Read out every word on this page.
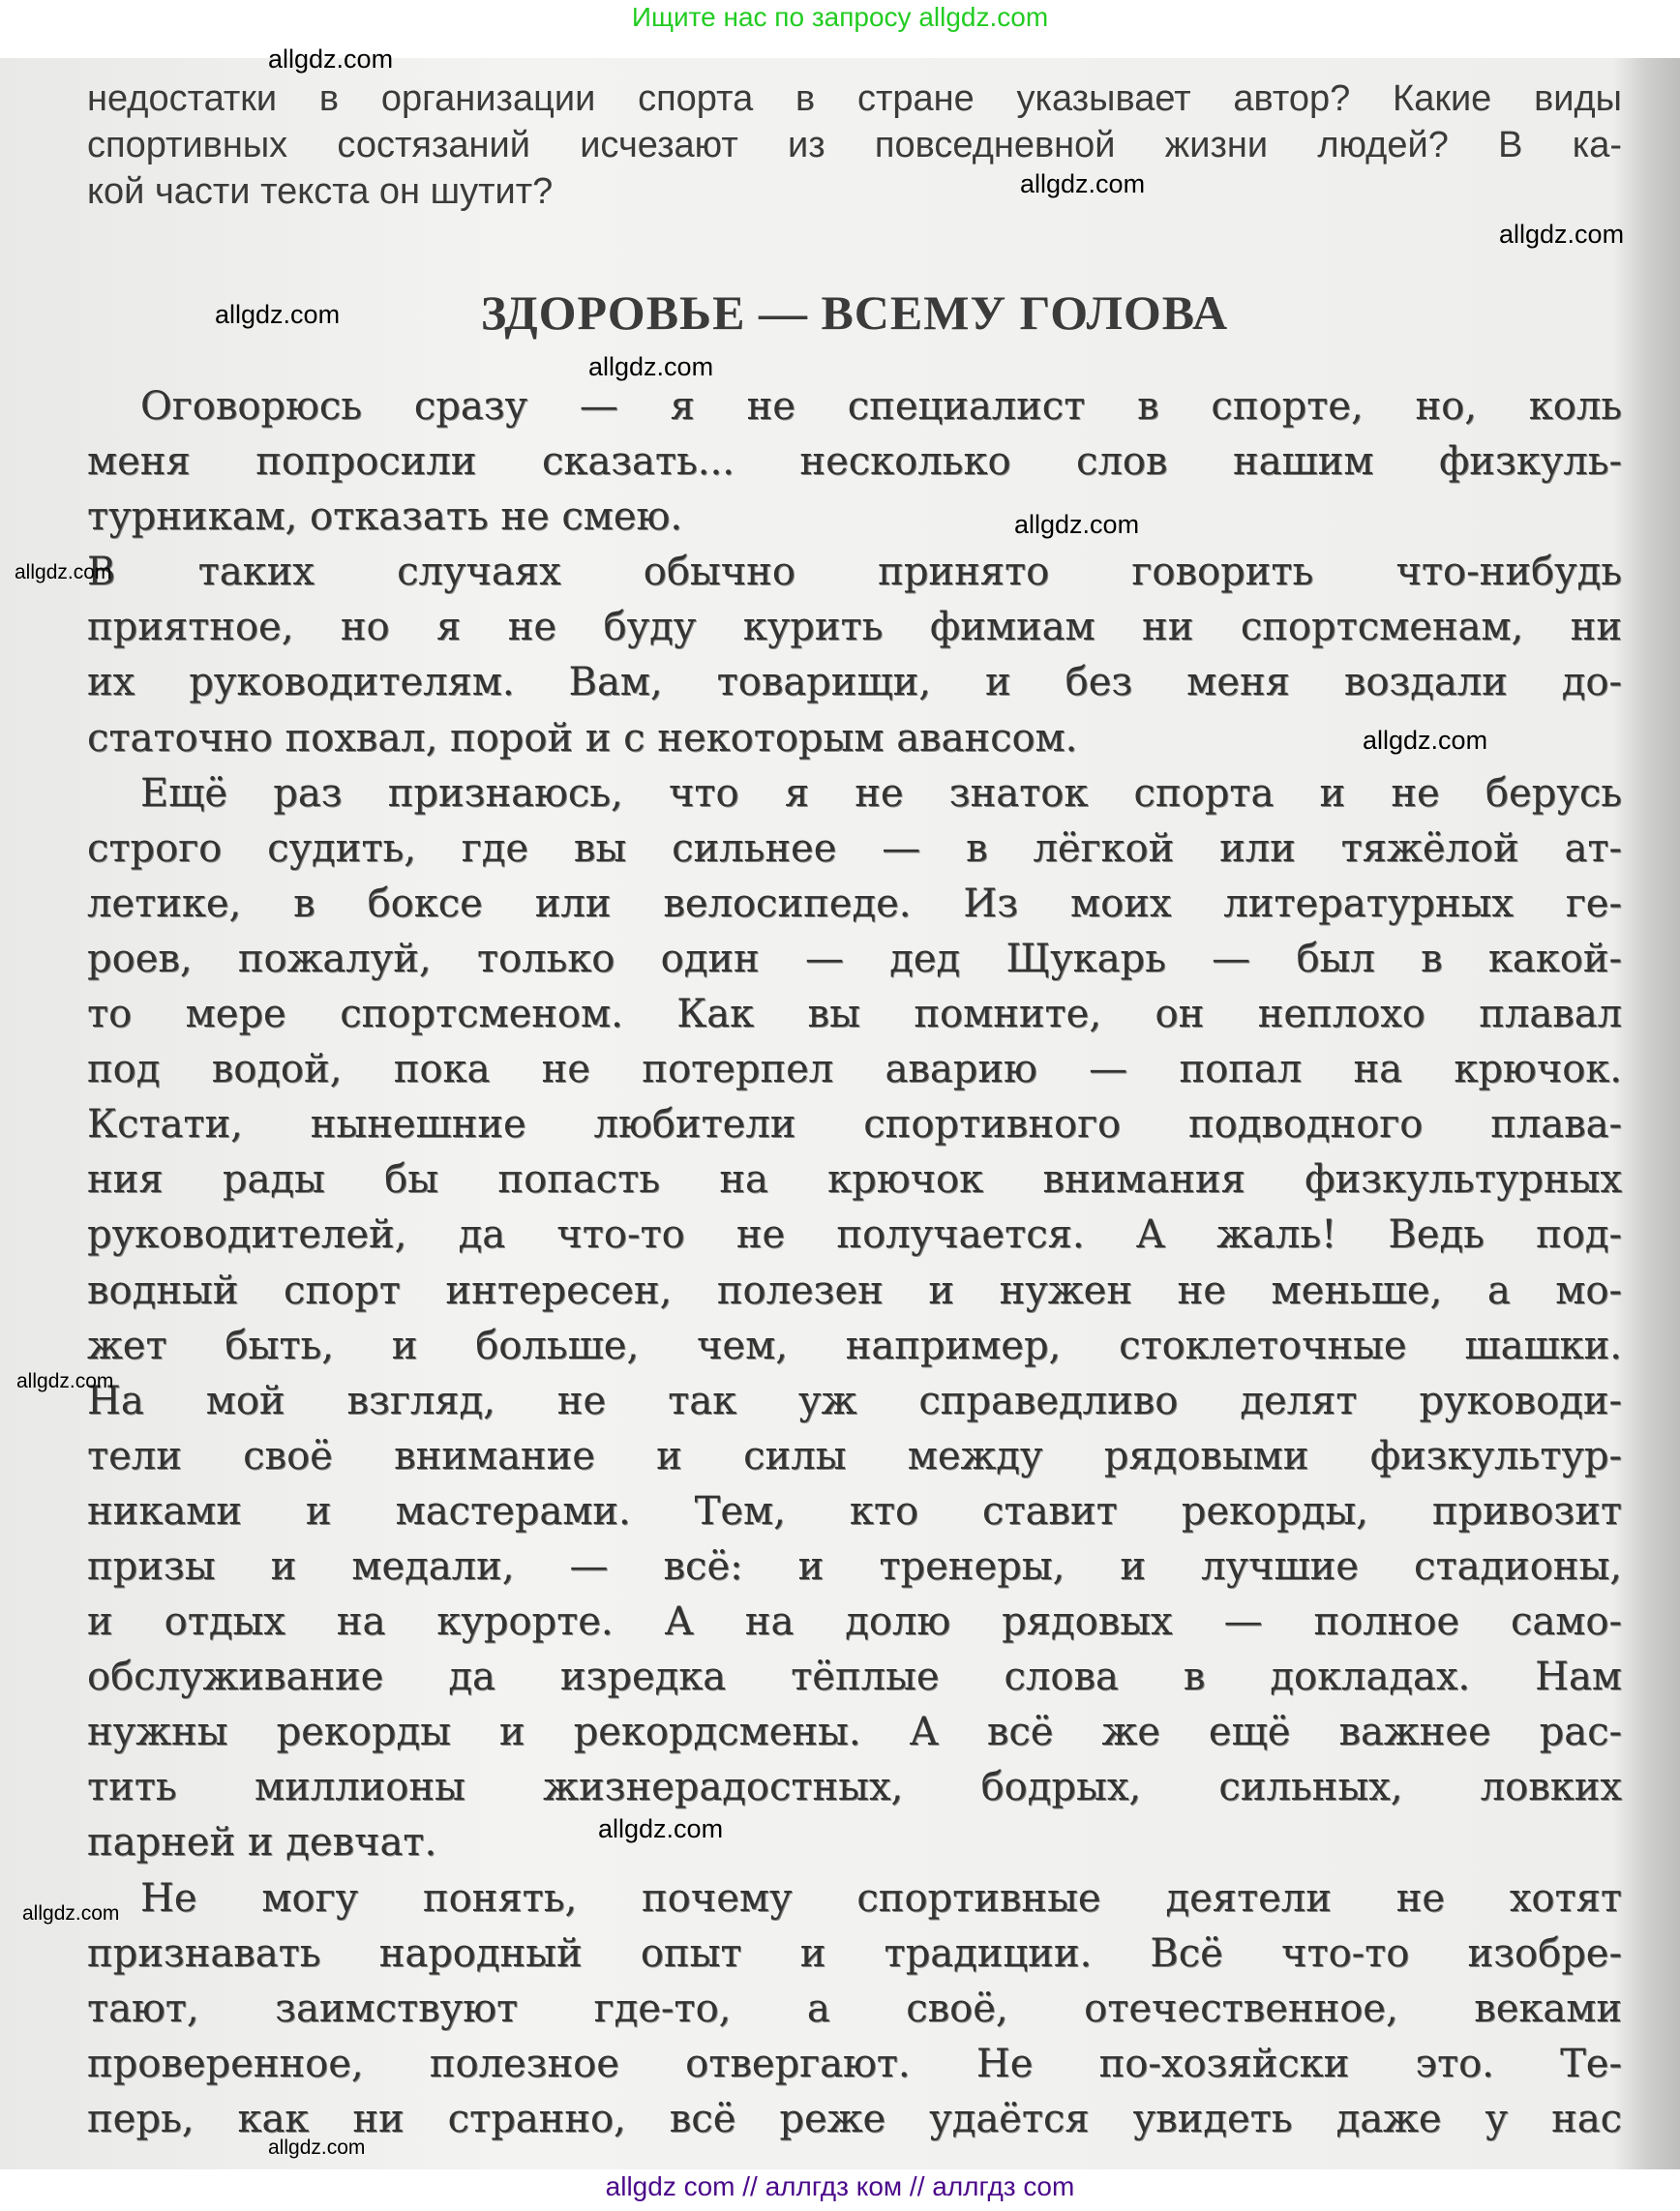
Ищите нас по запросу allgdz.com
недостатки в организации спорта в стране указывает автор? Какие виды
спортивных состязаний исчезают из повседневной жизни людей? В ка-
кой части текста он шутит?
ЗДОРОВЬЕ — ВСЕМУ ГОЛОВА
Оговорюсь сразу — я не специалист в спорте, но, коль
меня попросили сказать... несколько слов нашим физкуль-
турникам, отказать не смею.
В таких случаях обычно принято говорить что-нибудь
приятное, но я не буду курить фимиам ни спортсменам, ни
их руководителям. Вам, товарищи, и без меня воздали до-
статочно похвал, порой и с некоторым авансом.
Ещё раз признаюсь, что я не знаток спорта и не берусь
строго судить, где вы сильнее — в лёгкой или тяжёлой ат-
летике, в боксе или велосипеде. Из моих литературных ге-
роев, пожалуй, только один — дед Щукарь — был в какой-
то мере спортсменом. Как вы помните, он неплохо плавал
под водой, пока не потерпел аварию — попал на крючок.
Кстати, нынешние любители спортивного подводного плава-
ния рады бы попасть на крючок внимания физкультурных
руководителей, да что-то не получается. А жаль! Ведь под-
водный спорт интересен, полезен и нужен не меньше, а мо-
жет быть, и больше, чем, например, стоклеточные шашки.
На мой взгляд, не так уж справедливо делят руководи-
тели своё внимание и силы между рядовыми физкультур-
никами и мастерами. Тем, кто ставит рекорды, привозит
призы и медали, — всё: и тренеры, и лучшие стадионы,
и отдых на курорте. А на долю рядовых — полное само-
обслуживание да изредка тёплые слова в докладах. Нам
нужны рекорды и рекордсмены. А всё же ещё важнее рас-
тить миллионы жизнерадостных, бодрых, сильных, ловких
парней и девчат.
Не могу понять, почему спортивные деятели не хотят
признавать народный опыт и традиции. Всё что-то изобре-
тают, заимствуют где-то, а своё, отечественное, веками
проверенное, полезное отвергают. Не по-хозяйски это. Те-
перь, как ни странно, всё реже удаётся увидеть даже у нас
allgdz.com
allgdz.com
allgdz.com
allgdz.com
allgdz.com
allgdz.com
allgdz.com
allgdz.com
allgdz.com
allgdz.com
allgdz.com
allgdz.com
allgdz com // аллгдз ком // аллгдз com
